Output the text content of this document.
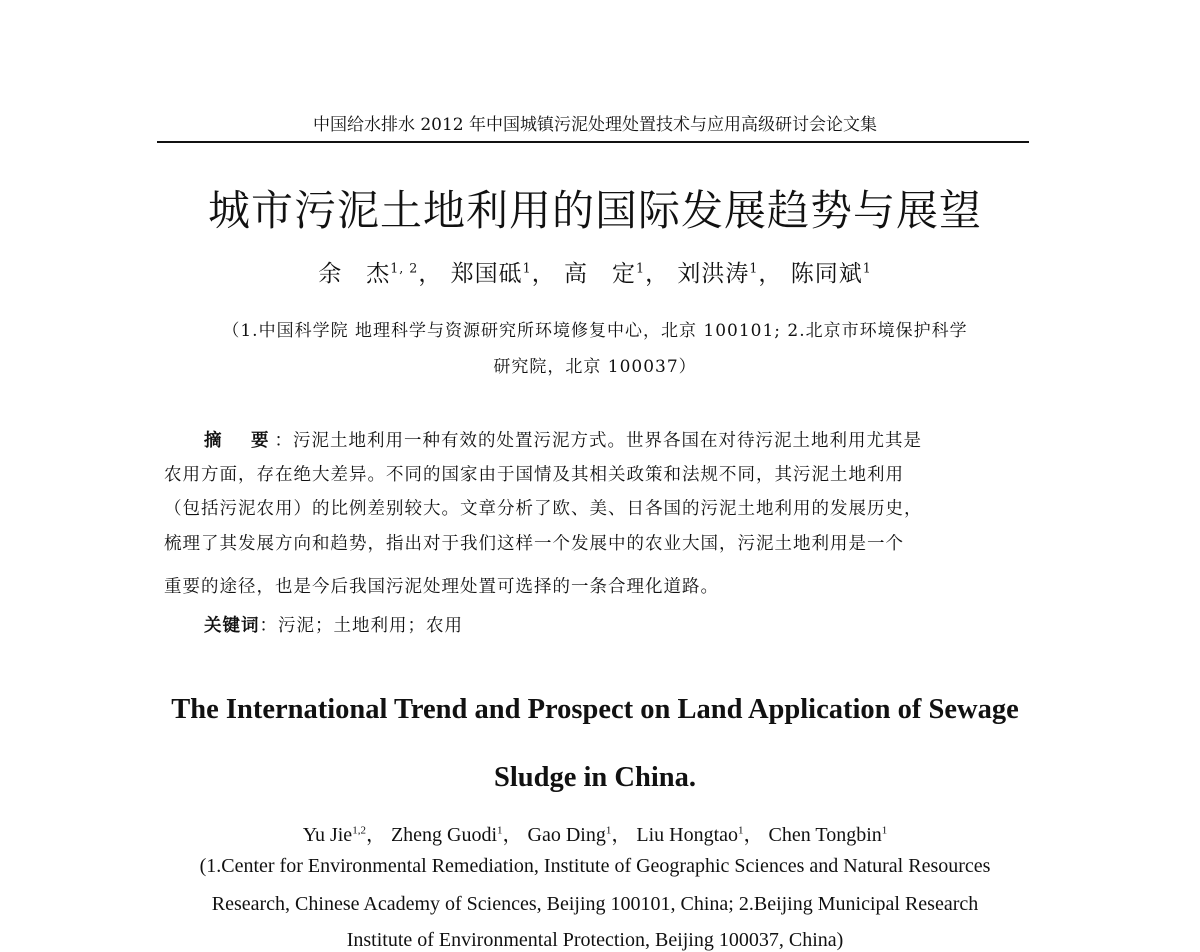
中国给水排水 2012 年中国城镇污泥处理处置技术与应用高级研讨会论文集
城市污泥土地利用的国际发展趋势与展望
余　杰$^{1, 2}$， 郑国砥$^1$， 高　定$^1$， 刘洪涛$^1$， 陈同斌$^1$
（1.中国科学院 地理科学与资源研究所环境修复中心，北京 100101; 2.北京市环境保护科学
研究院，北京 100037）
摘　要：污泥土地利用一种有效的处置污泥方式。世界各国在对待污泥土地利用尤其是
农用方面，存在绝大差异。不同的国家由于国情及其相关政策和法规不同，其污泥土地利用
（包括污泥农用）的比例差别较大。文章分析了欧、美、日各国的污泥土地利用的发展历史，
梳理了其发展方向和趋势，指出对于我们这样一个发展中的农业大国，污泥土地利用是一个
重要的途径，也是今后我国污泥处理处置可选择的一条合理化道路。
关键词：污泥；土地利用；农用
The International Trend and Prospect on Land Application of Sewage
Sludge in China.
Yu Jie$^{1,2}$， Zheng Guodi$^1$， Gao Ding$^1$， Liu Hongtao$^1$， Chen Tongbin$^1$
(1.Center for Environmental Remediation, Institute of Geographic Sciences and Natural Resources
Research, Chinese Academy of Sciences, Beijing 100101, China; 2.Beijing Municipal Research
Institute of Environmental Protection, Beijing 100037, China)
